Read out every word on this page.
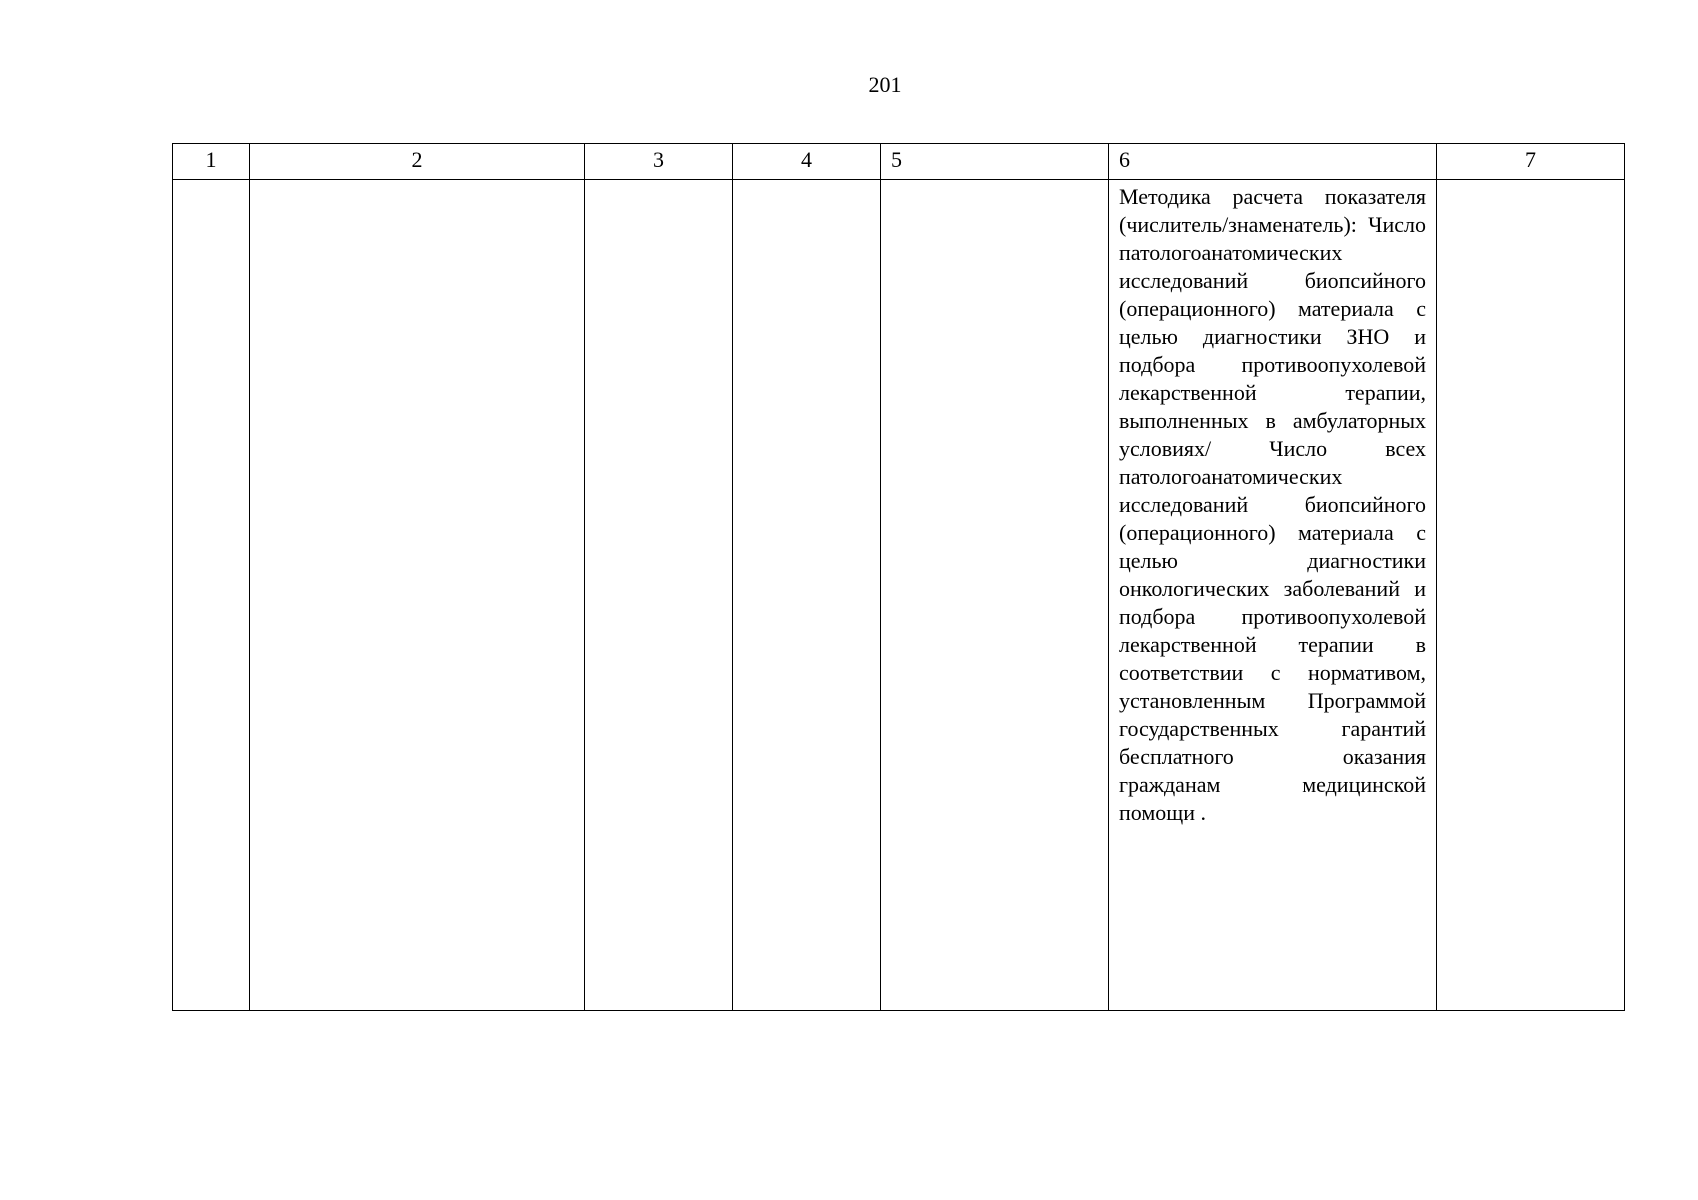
201
1	2	3	4	5	6	7

					Методика расчета показателя (числитель/знаменатель): Число патологоанатомических исследований биопсийного (операционного) материала с целью диагностики ЗНО и подбора противоопухолевой лекарственной терапии, выполненных в амбулаторных условиях/ Число всех патологоанатомических исследований биопсийного (операционного) материала с целью диагностики онкологических заболеваний и подбора противоопухолевой лекарственной терапии в соответствии с нормативом, установленным Программой государственных гарантий бесплатного оказания гражданам медицинской помощи .	
